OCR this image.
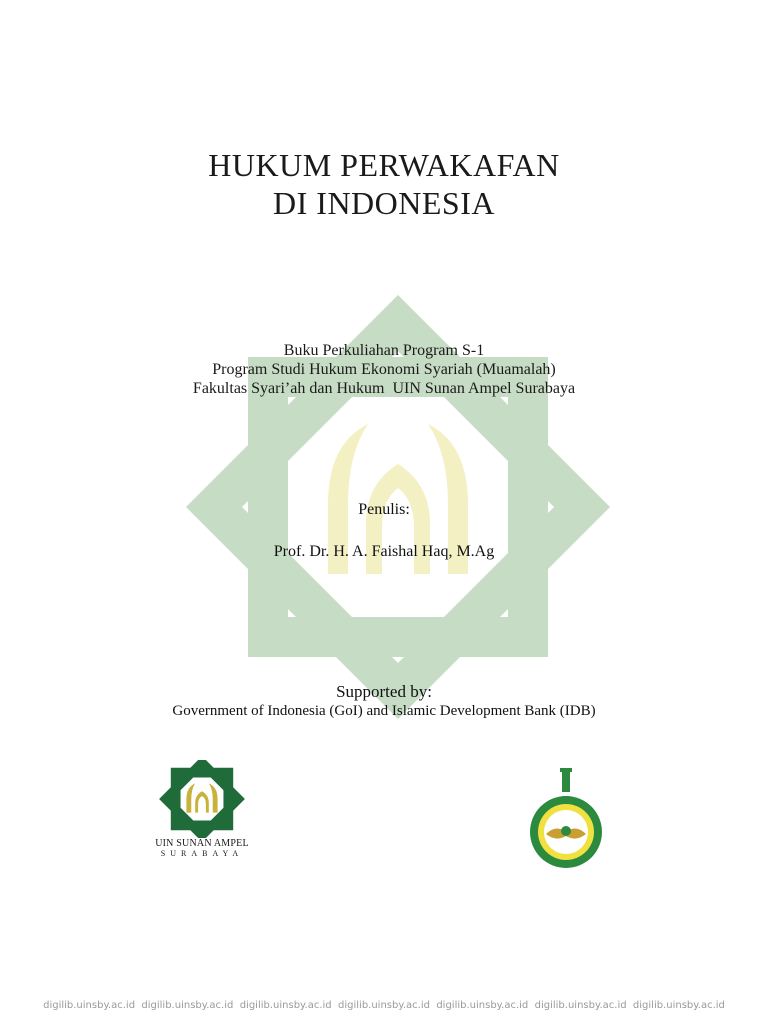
HUKUM PERWAKAFAN
DI INDONESIA
Buku Perkuliahan Program S-1
Program Studi Hukum Ekonomi Syariah (Muamalah)
Fakultas Syari’ah dan Hukum  UIN Sunan Ampel Surabaya
Penulis:
Prof. Dr. H. A. Faishal Haq, M.Ag
Supported by:
Government of Indonesia (GoI) and Islamic Development Bank (IDB)
UIN SUNAN AMPEL
SURABAYA
digilib.uinsby.ac.id  digilib.uinsby.ac.id  digilib.uinsby.ac.id  digilib.uinsby.ac.id  digilib.uinsby.ac.id  digilib.uinsby.ac.id  digilib.uinsby.ac.id
